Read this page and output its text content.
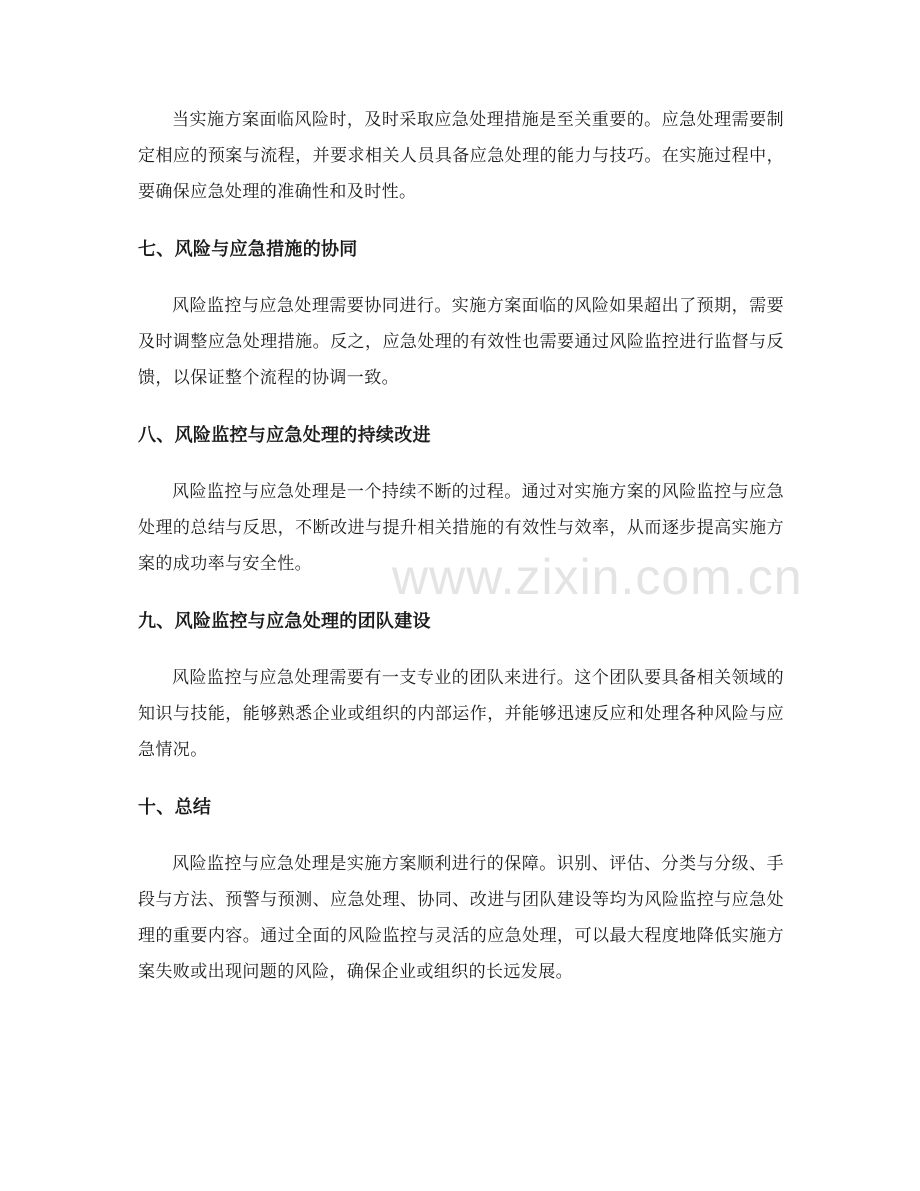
当实施方案面临风险时，及时采取应急处理措施是至关重要的。应急处理需要制定相应的预案与流程，并要求相关人员具备应急处理的能力与技巧。在实施过程中，要确保应急处理的准确性和及时性。

七、风险与应急措施的协同

风险监控与应急处理需要协同进行。实施方案面临的风险如果超出了预期，需要及时调整应急处理措施。反之，应急处理的有效性也需要通过风险监控进行监督与反馈，以保证整个流程的协调一致。

八、风险监控与应急处理的持续改进

风险监控与应急处理是一个持续不断的过程。通过对实施方案的风险监控与应急处理的总结与反思，不断改进与提升相关措施的有效性与效率，从而逐步提高实施方案的成功率与安全性。

九、风险监控与应急处理的团队建设

风险监控与应急处理需要有一支专业的团队来进行。这个团队要具备相关领域的知识与技能，能够熟悉企业或组织的内部运作，并能够迅速反应和处理各种风险与应急情况。

十、总结

风险监控与应急处理是实施方案顺利进行的保障。识别、评估、分类与分级、手段与方法、预警与预测、应急处理、协同、改进与团队建设等均为风险监控与应急处理的重要内容。通过全面的风险监控与灵活的应急处理，可以最大程度地降低实施方案失败或出现问题的风险，确保企业或组织的长远发展。

www.zixin.com.cn
